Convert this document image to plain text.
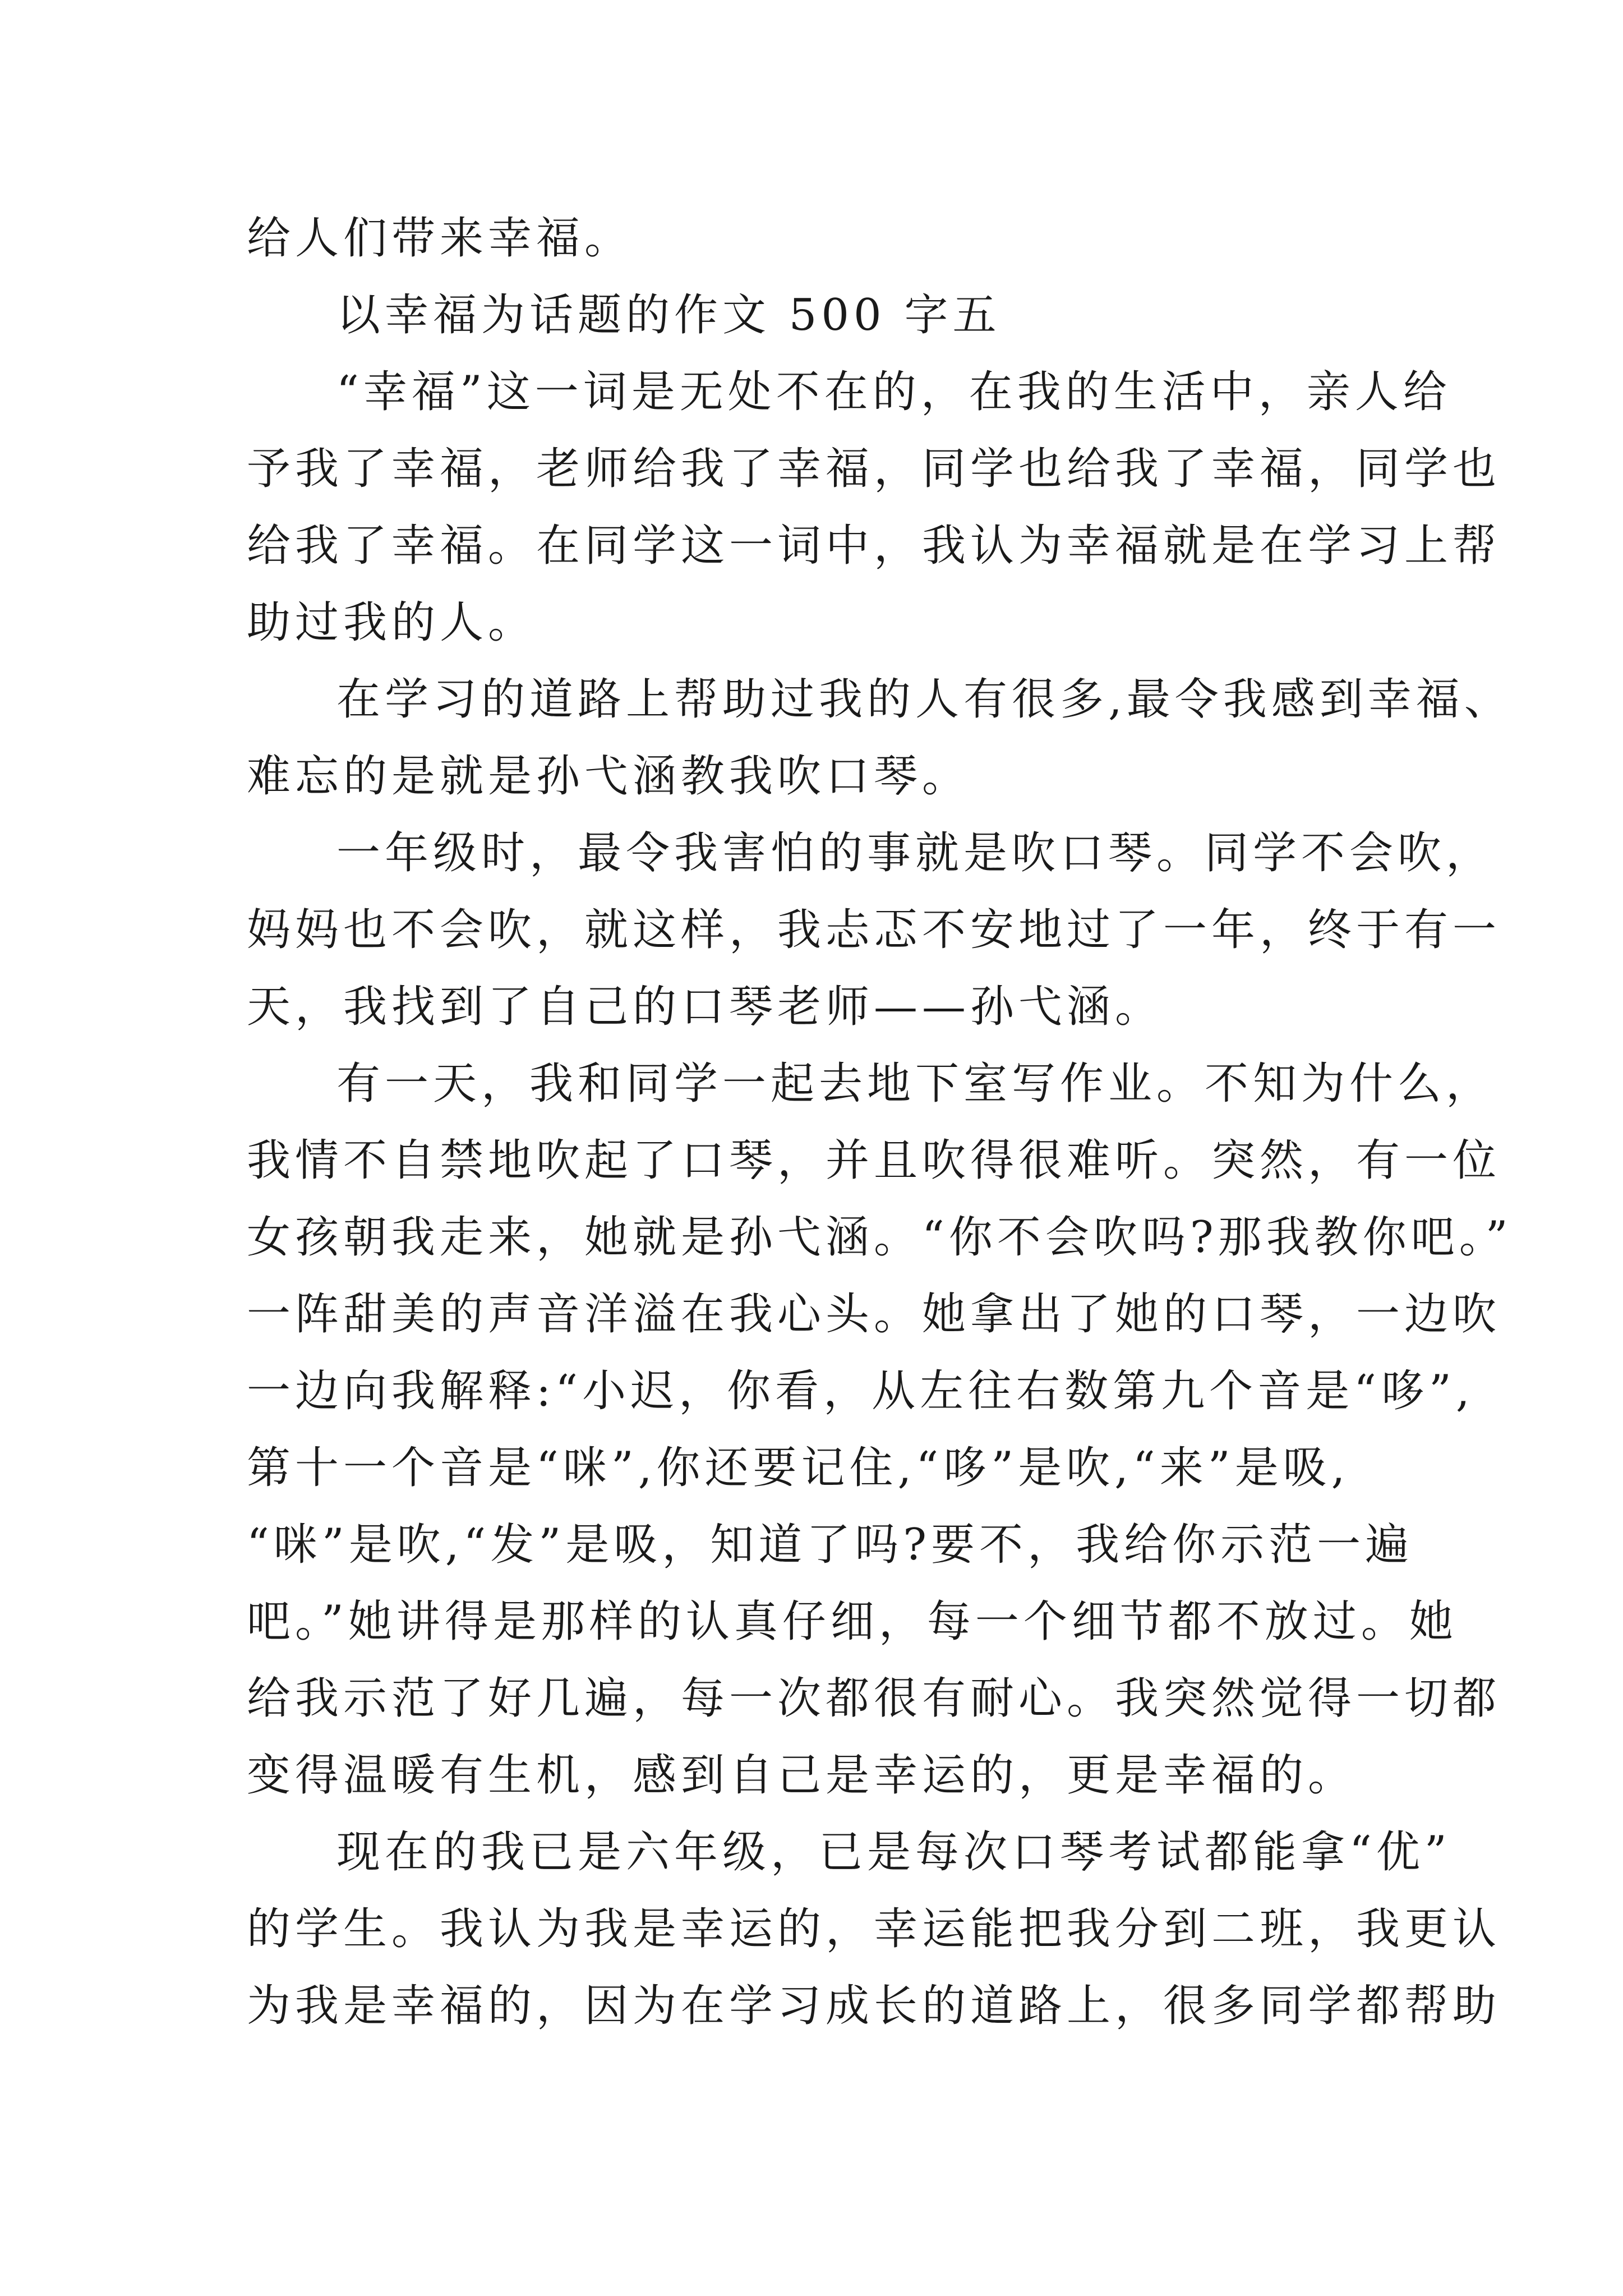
给人们带来幸福。
以幸福为话题的作文 500 字五
“幸福”这一词是无处不在的，在我的生活中，亲人给
予我了幸福，老师给我了幸福，同学也给我了幸福，同学也
给我了幸福。在同学这一词中，我认为幸福就是在学习上帮
助过我的人。
在学习的道路上帮助过我的人有很多,最令我感到幸福、
难忘的是就是孙弋涵教我吹口琴。
一年级时，最令我害怕的事就是吹口琴。同学不会吹，
妈妈也不会吹，就这样，我忐忑不安地过了一年，终于有一
天，我找到了自己的口琴老师——孙弋涵。
有一天，我和同学一起去地下室写作业。不知为什么，
我情不自禁地吹起了口琴，并且吹得很难听。突然，有一位
女孩朝我走来，她就是孙弋涵。“你不会吹吗?那我教你吧。”
一阵甜美的声音洋溢在我心头。她拿出了她的口琴，一边吹
一边向我解释:“小迟，你看，从左往右数第九个音是“哆”,
第十一个音是“咪”,你还要记住,“哆”是吹,“来”是吸,
“咪”是吹,“发”是吸，知道了吗?要不，我给你示范一遍
吧。”她讲得是那样的认真仔细，每一个细节都不放过。她
给我示范了好几遍，每一次都很有耐心。我突然觉得一切都
变得温暖有生机，感到自己是幸运的，更是幸福的。
现在的我已是六年级，已是每次口琴考试都能拿“优”
的学生。我认为我是幸运的，幸运能把我分到二班，我更认
为我是幸福的，因为在学习成长的道路上，很多同学都帮助
